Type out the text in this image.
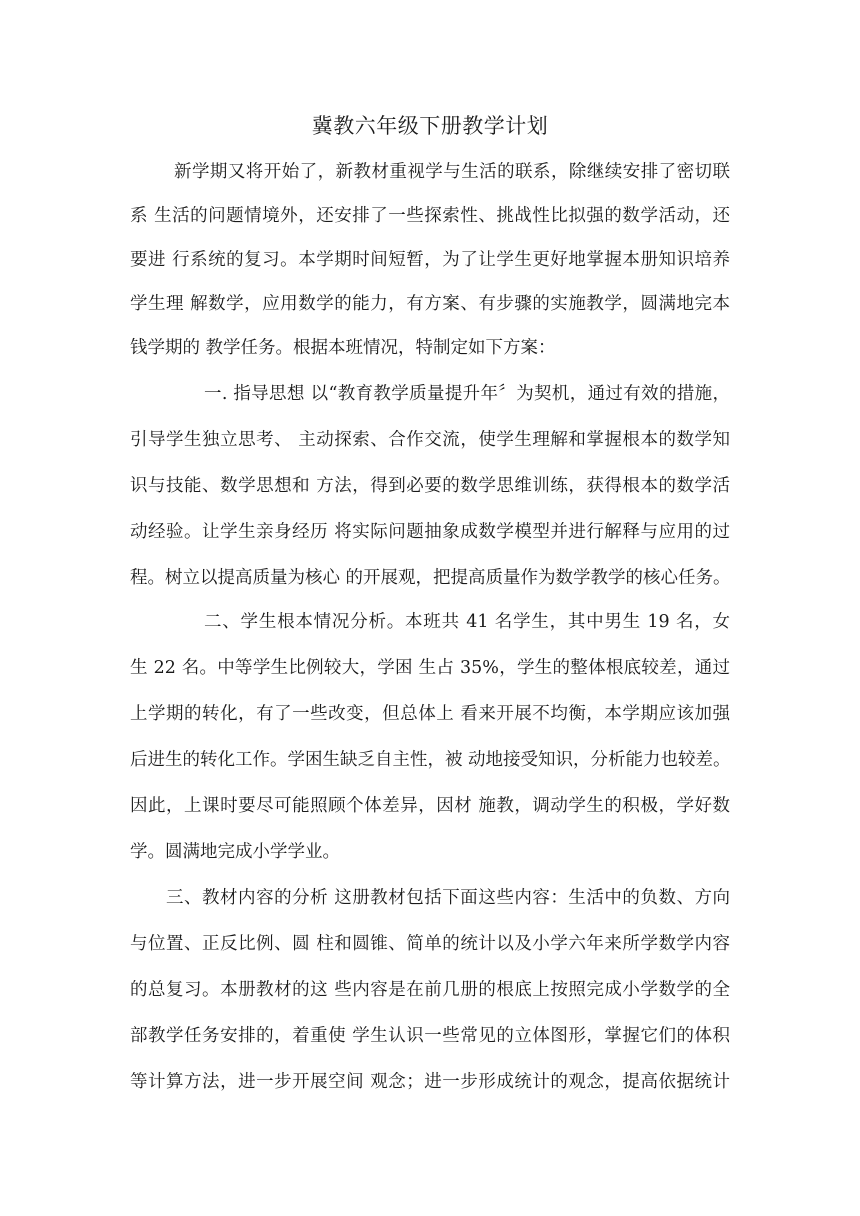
冀教六年级下册教学计划
新学期又将开始了，新教材重视学与生活的联系，除继续安排了密切联
系 生活的问题情境外，还安排了一些探索性、挑战性比拟强的数学活动，还
要进 行系统的复习。本学期时间短暂，为了让学生更好地掌握本册知识培养
学生理 解数学，应用数学的能力，有方案、有步骤的实施教学，圆满地完本
钱学期的 教学任务。根据本班情况，特制定如下方案：
一. 指导思想 以“教育教学质量提升年〞为契机，通过有效的措施，
引导学生独立思考、 主动探索、合作交流，使学生理解和掌握根本的数学知
识与技能、数学思想和 方法，得到必要的数学思维训练，获得根本的数学活
动经验。让学生亲身经历 将实际问题抽象成数学模型并进行解释与应用的过
程。树立以提高质量为核心 的开展观，把提高质量作为数学教学的核心任务。
二、学生根本情况分析。本班共 41 名学生，其中男生 19 名，女
生 22 名。中等学生比例较大，学困 生占 35%，学生的整体根底较差，通过
上学期的转化，有了一些改变，但总体上 看来开展不均衡，本学期应该加强
后进生的转化工作。学困生缺乏自主性，被 动地接受知识，分析能力也较差。
因此，上课时要尽可能照顾个体差异，因材 施教，调动学生的积极，学好数
学。圆满地完成小学学业。
三、教材内容的分析 这册教材包括下面这些内容：生活中的负数、方向
与位置、正反比例、圆 柱和圆锥、简单的统计以及小学六年来所学数学内容
的总复习。本册教材的这 些内容是在前几册的根底上按照完成小学数学的全
部教学任务安排的，着重使 学生认识一些常见的立体图形，掌握它们的体积
等计算方法，进一步开展空间 观念；进一步形成统计的观念，提高依据统计
